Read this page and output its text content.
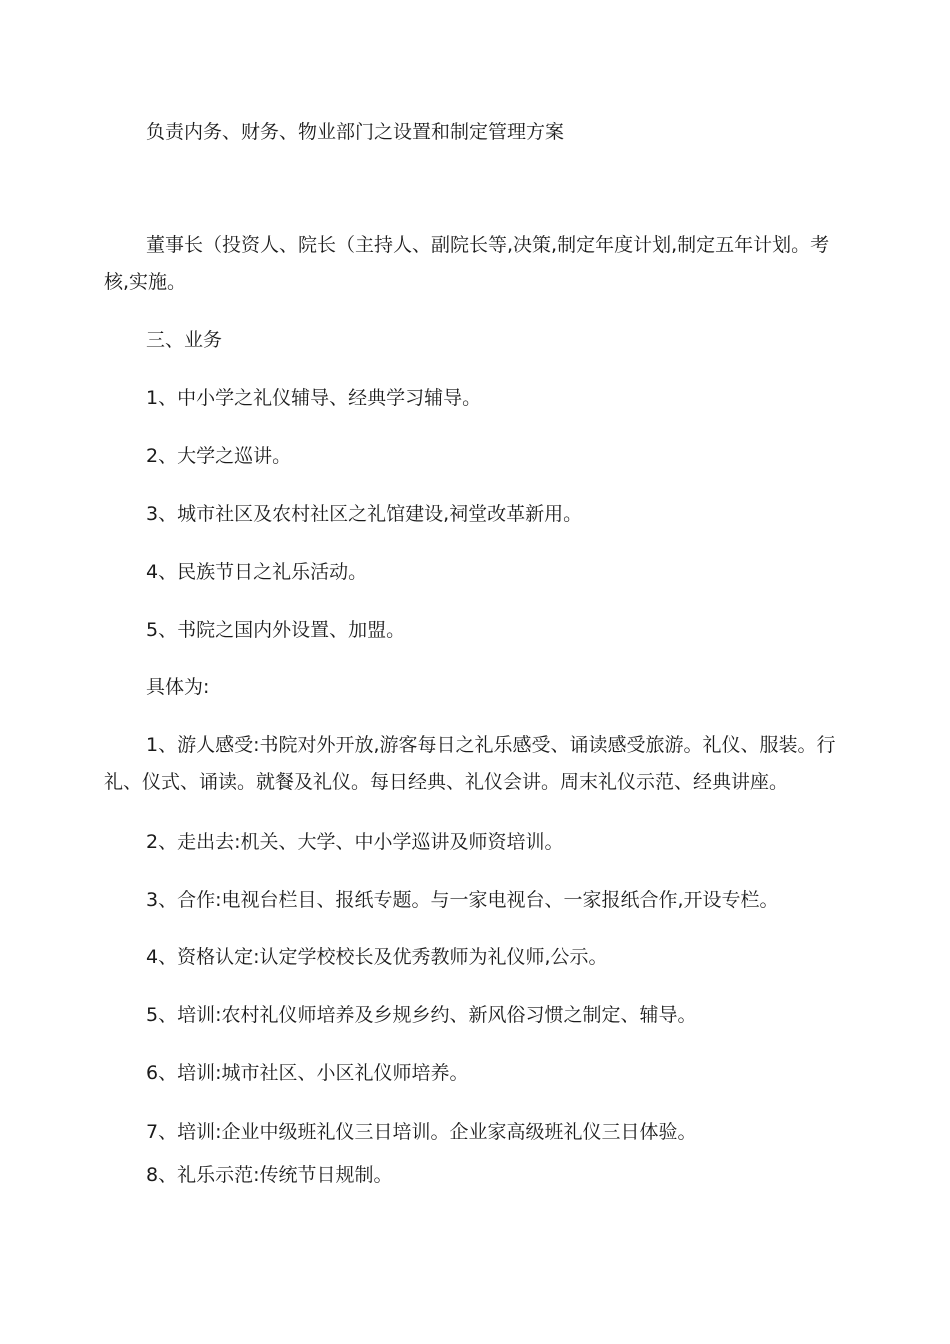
负责内务、财务、物业部门之设置和制定管理方案

董事长（投资人、院长（主持人、副院长等,决策,制定年度计划,制定五年计划。考核,实施。

三、业务

1、中小学之礼仪辅导、经典学习辅导。

2、大学之巡讲。

3、城市社区及农村社区之礼馆建设,祠堂改革新用。

4、民族节日之礼乐活动。

5、书院之国内外设置、加盟。

具体为:

1、游人感受:书院对外开放,游客每日之礼乐感受、诵读感受旅游。礼仪、服装。行礼、仪式、诵读。就餐及礼仪。每日经典、礼仪会讲。周末礼仪示范、经典讲座。

2、走出去:机关、大学、中小学巡讲及师资培训。

3、合作:电视台栏目、报纸专题。与一家电视台、一家报纸合作,开设专栏。

4、资格认定:认定学校校长及优秀教师为礼仪师,公示。

5、培训:农村礼仪师培养及乡规乡约、新风俗习惯之制定、辅导。

6、培训:城市社区、小区礼仪师培养。

7、培训:企业中级班礼仪三日培训。企业家高级班礼仪三日体验。

8、礼乐示范:传统节日规制。
